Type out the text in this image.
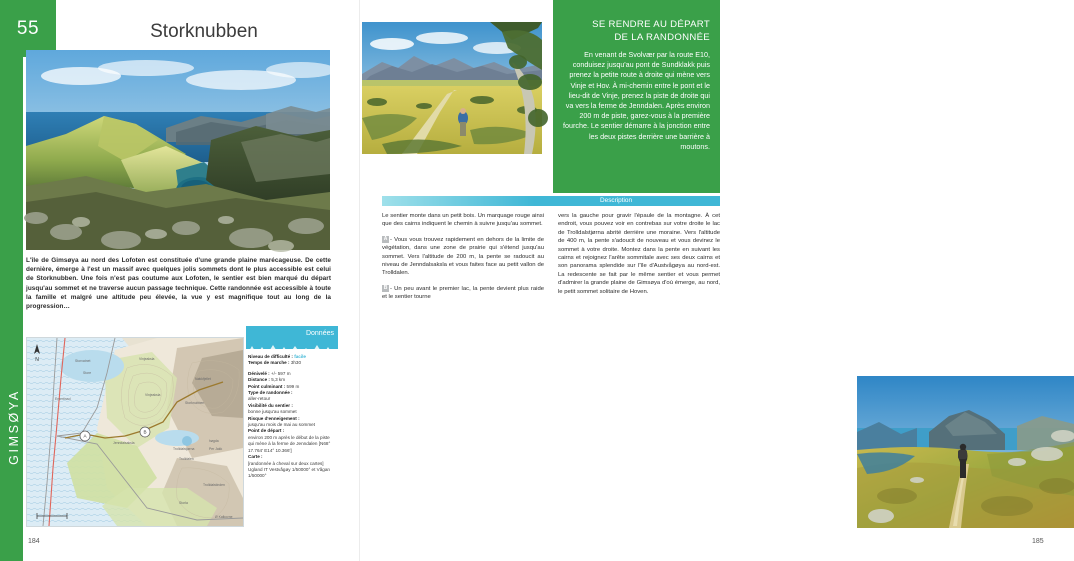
55
GIMSØYA
Storknubben
L'île de Gimsøya au nord des Lofoten est constituée d'une grande plaine marécageuse. De cette dernière, émerge à l'est un massif avec quelques jolis sommets dont le plus accessible est celui de Storknubben. Une fois n'est pas coutume aux Lofoten, le sentier est bien marqué du départ jusqu'au sommet et ne traverse aucun passage technique. Cette randonnée est accessible à toute la famille et malgré une altitude peu élevée, la vue y est magnifique tout au long de la progression…
Storvatnet
Store
Emertinad
Vinjeaksla
Vinjeaksla
Nøkkfjellet
Storknubben
Jenndalsaksla
Trolldalstjørna
Trolldalen
høgda
Per Jakk
Trolldalstinden
Storla
Ø Kalkovne
A
B
N
Données
Niveau de difficulté : facile
Temps de marche : 3h30
Dénivelé : +/- 597 m
Distance : 5,3 km
Point culminant : 599 m
Type de randonnée :
aller-retour
Visibilité du sentier :
bonne jusqu'au sommet
Risque d'enneigement :
jusqu'au mois de mai au sommet
Point de départ :
environ 200 m après le début de la piste qui mène à la ferme de Jenndalen [N68° 17.764' E14° 10.366']
Carte :
[randonnée à cheval sur deux cartes] Ugland IT Vestvågøy 1/50000° et Vågan 1/50000°
184
SE RENDRE AU DÉPART
DE LA RANDONNÉE
En venant de Svolvær par la route E10, conduisez jusqu'au pont de Sundklakk puis prenez la petite route à droite qui mène vers Vinje et Hov. À mi-chemin entre le pont et le lieu-dit de Vinje, prenez la piste de droite qui va vers la ferme de Jenndalen. Après environ 200 m de piste, garez-vous à la première fourche. Le sentier démarre à la jonction entre les deux pistes derrière une barrière à moutons.
Description

Le sentier monte dans un petit bois. Un marquage rouge ainsi que des cairns indiquent le chemin à suivre jusqu'au sommet.

A - Vous vous trouvez rapidement en dehors de la limite de végétation, dans une zone de prairie qui s'étend jusqu'au sommet. Vers l'altitude de 200 m, la pente se radoucit au niveau de Jenndalsaksla et vous faites face au petit vallon de Trolldalen.

B - Un peu avant le premier lac, la pente devient plus raide et le sentier tourne

vers la gauche pour gravir l'épaule de la montagne. À cet endroit, vous pouvez voir en contrebas sur votre droite le lac de Trolldalstjørna abrité derrière une moraine. Vers l'altitude de 400 m, la pente s'adoucit de nouveau et vous devinez le sommet à votre droite. Montez dans la pente en suivant les cairns et rejoignez l'arête sommitale avec ses deux cairns et son panorama splendide sur l'île d'Austvågøya au nord-est. La redescente se fait par le même sentier et vous permet d'admirer la grande plaine de Gimsøya d'où émerge, au nord, le petit sommet solitaire de Hoven.

185
